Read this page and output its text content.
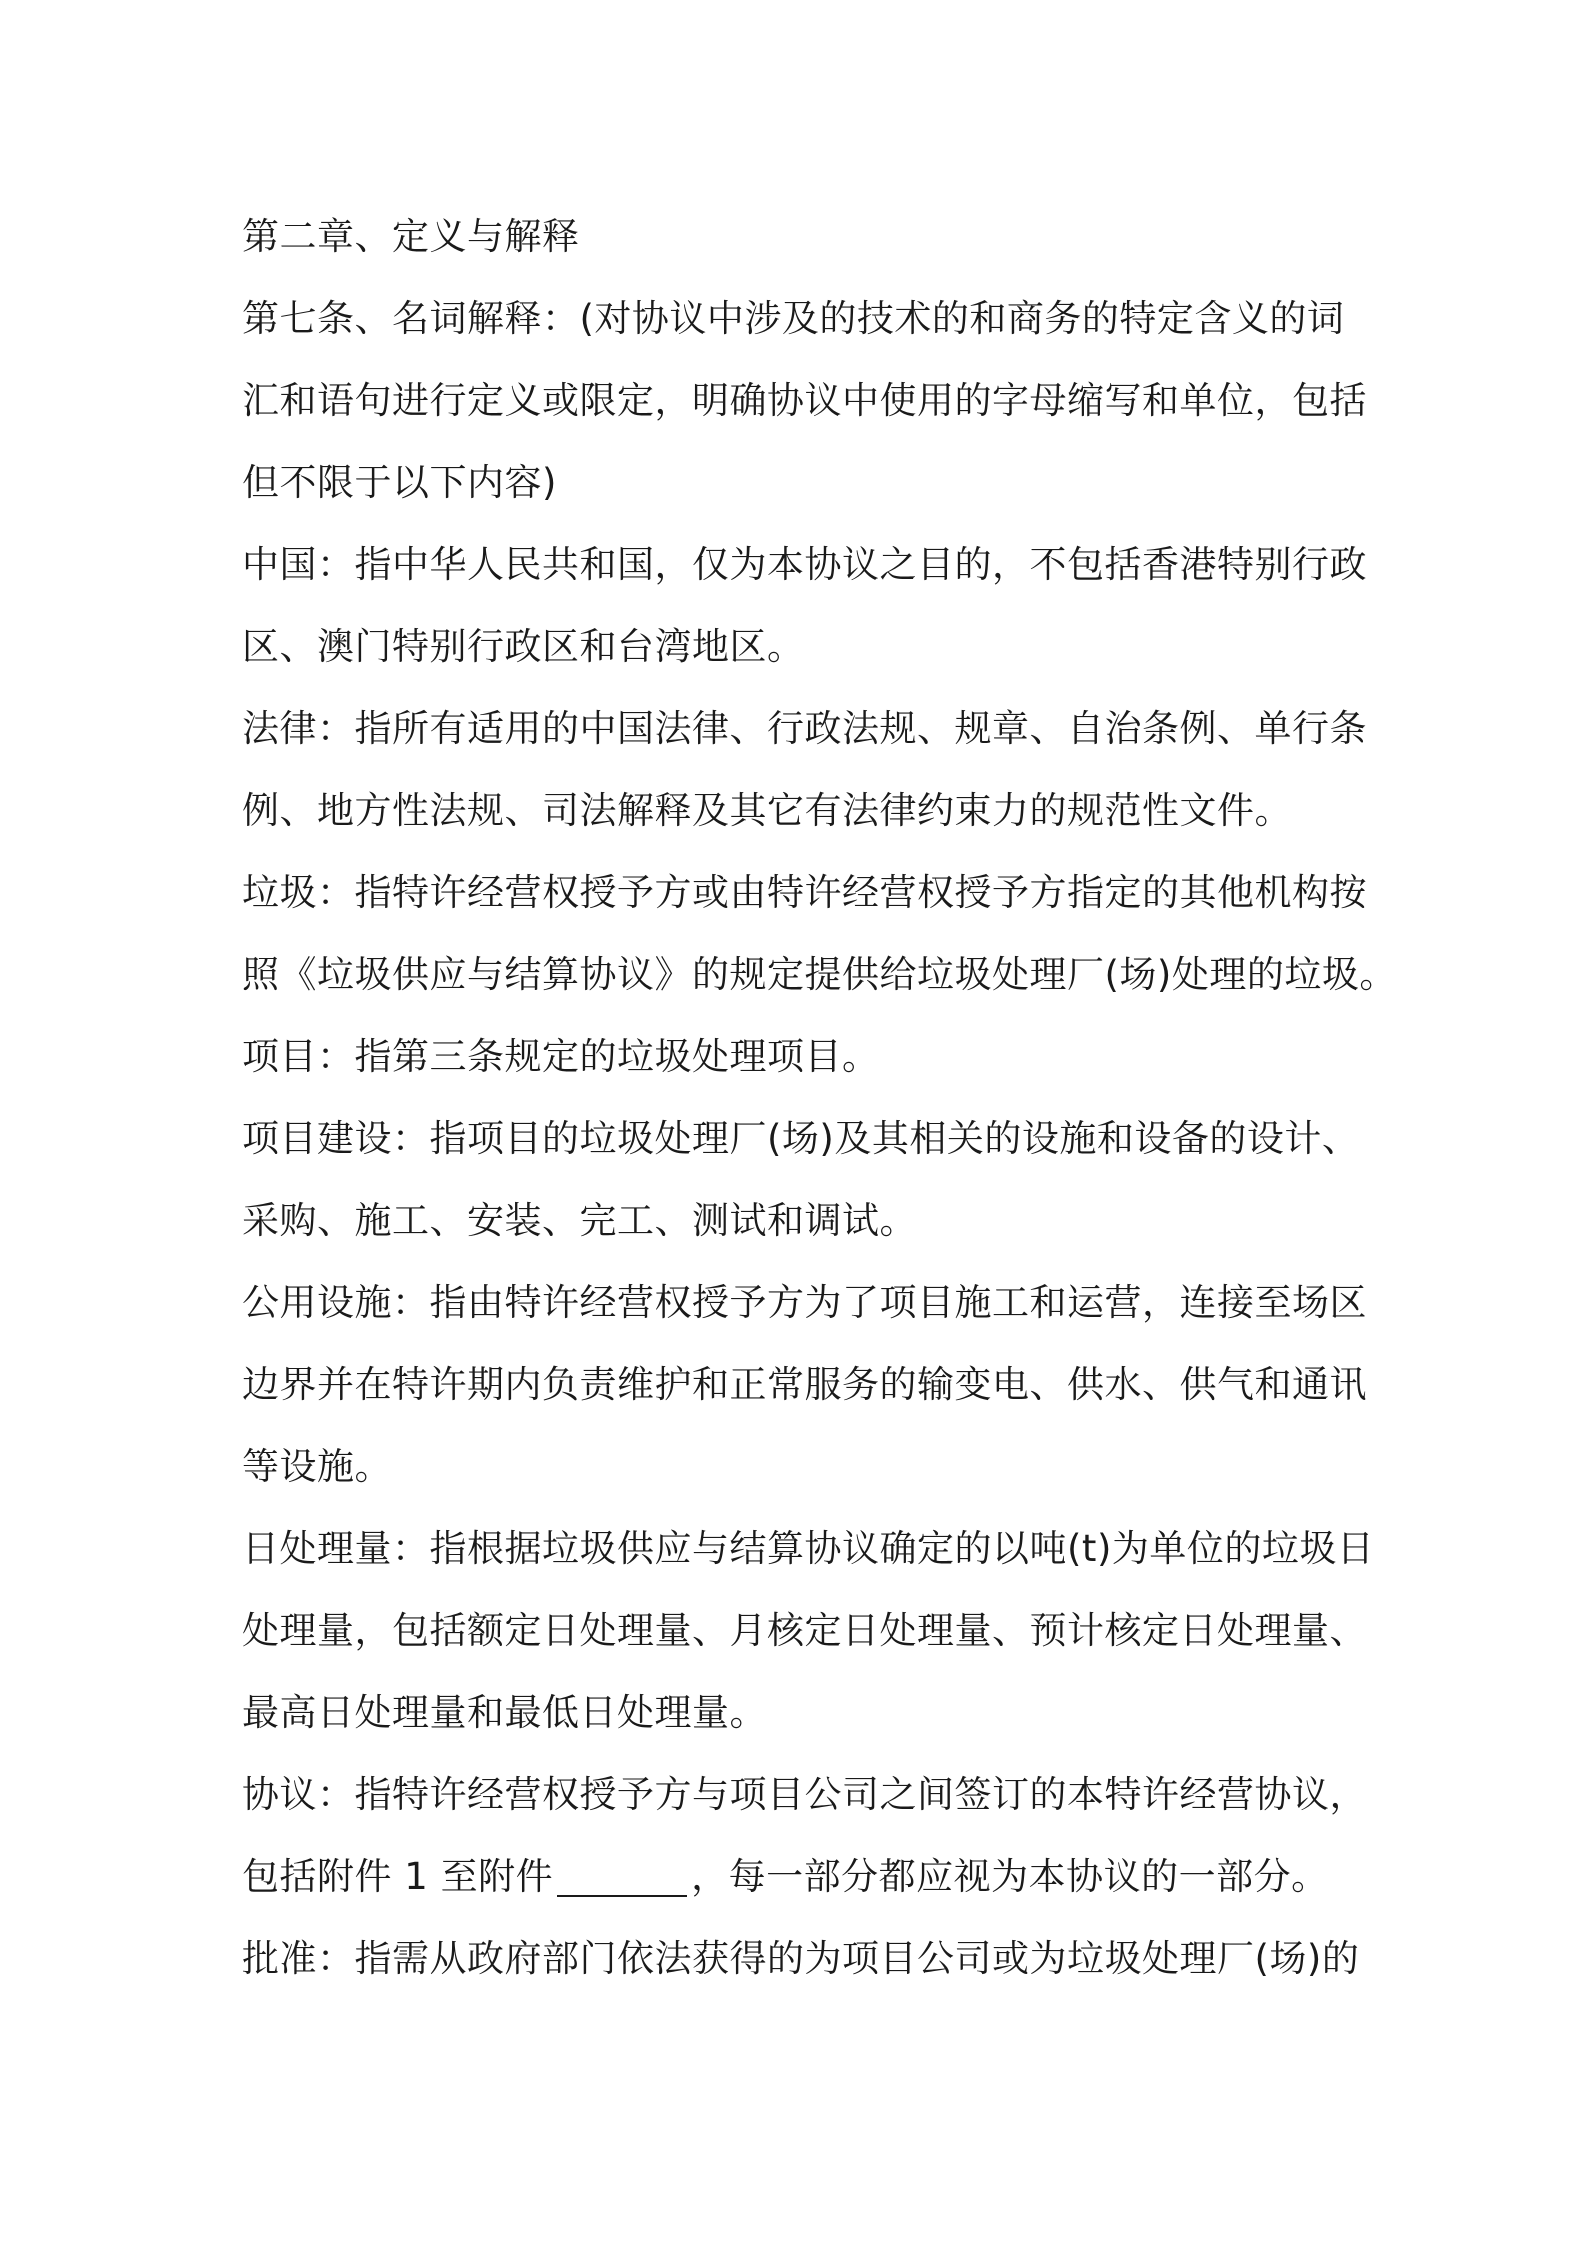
第二章、定义与解释
第七条、名词解释：(对协议中涉及的技术的和商务的特定含义的词
汇和语句进行定义或限定，明确协议中使用的字母缩写和单位，包括
但不限于以下内容)
中国：指中华人民共和国，仅为本协议之目的，不包括香港特别行政
区、澳门特别行政区和台湾地区。
法律：指所有适用的中国法律、行政法规、规章、自治条例、单行条
例、地方性法规、司法解释及其它有法律约束力的规范性文件。
垃圾：指特许经营权授予方或由特许经营权授予方指定的其他机构按
照《垃圾供应与结算协议》的规定提供给垃圾处理厂(场)处理的垃圾。
项目：指第三条规定的垃圾处理项目。
项目建设：指项目的垃圾处理厂(场)及其相关的设施和设备的设计、
采购、施工、安装、完工、测试和调试。
公用设施：指由特许经营权授予方为了项目施工和运营，连接至场区
边界并在特许期内负责维护和正常服务的输变电、供水、供气和通讯
等设施。
日处理量：指根据垃圾供应与结算协议确定的以吨(t)为单位的垃圾日
处理量，包括额定日处理量、月核定日处理量、预计核定日处理量、
最高日处理量和最低日处理量。
协议：指特许经营权授予方与项目公司之间签订的本特许经营协议，
包括附件 1 至附件	，每一部分都应视为本协议的一部分。
批准：指需从政府部门依法获得的为项目公司或为垃圾处理厂(场)的
